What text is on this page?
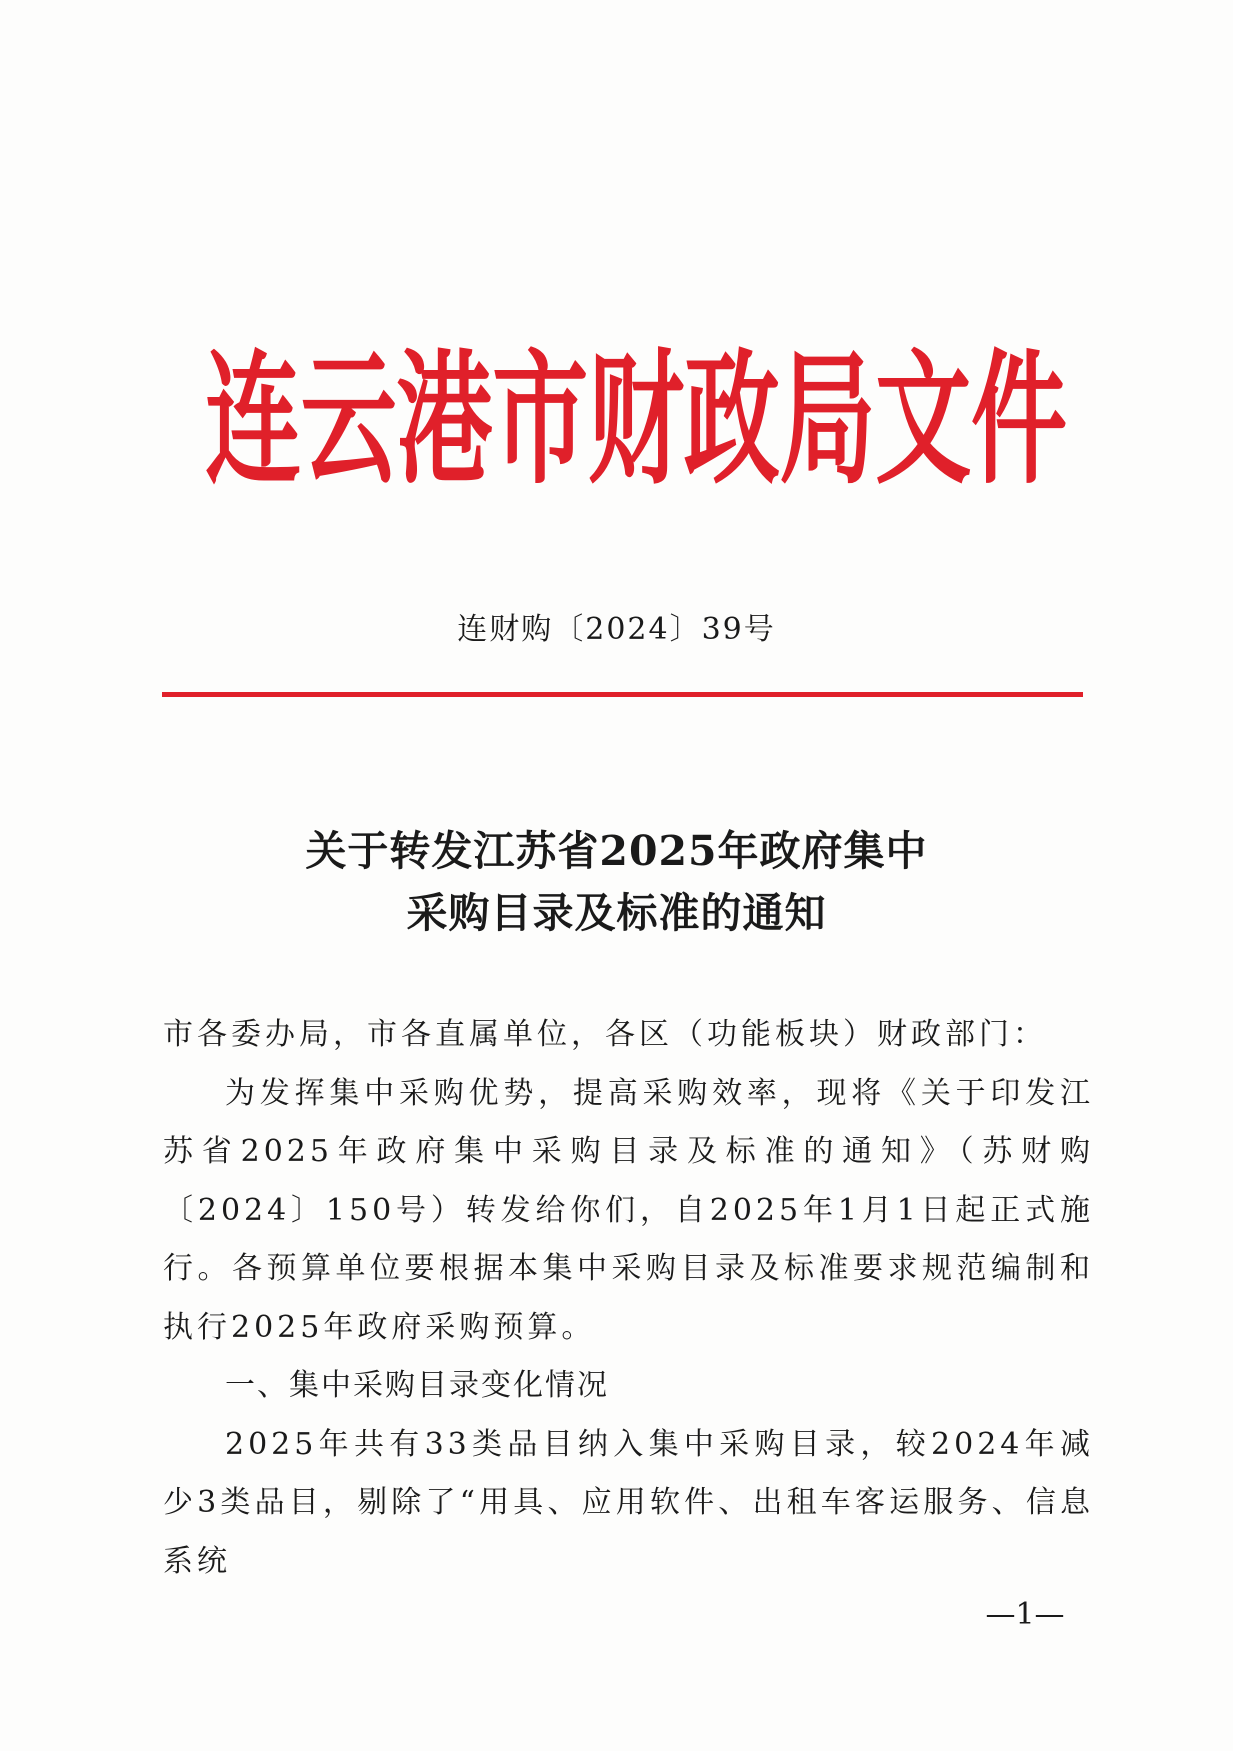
连云港市财政局文件

连财购〔2024〕39号

关于转发江苏省2025年政府集中
采购目录及标准的通知

市各委办局，市各直属单位，各区（功能板块）财政部门：

为发挥集中采购优势，提高采购效率，现将《关于印发江苏省2025年政府集中采购目录及标准的通知》（苏财购〔2024〕150号）转发给你们，自2025年1月1日起正式施行。各预算单位要根据本集中采购目录及标准要求规范编制和执行2025年政府采购预算。

一、集中采购目录变化情况

2025年共有33类品目纳入集中采购目录，较2024年减少3类品目，剔除了“用具、应用软件、出租车客运服务、信息系统

—1—
